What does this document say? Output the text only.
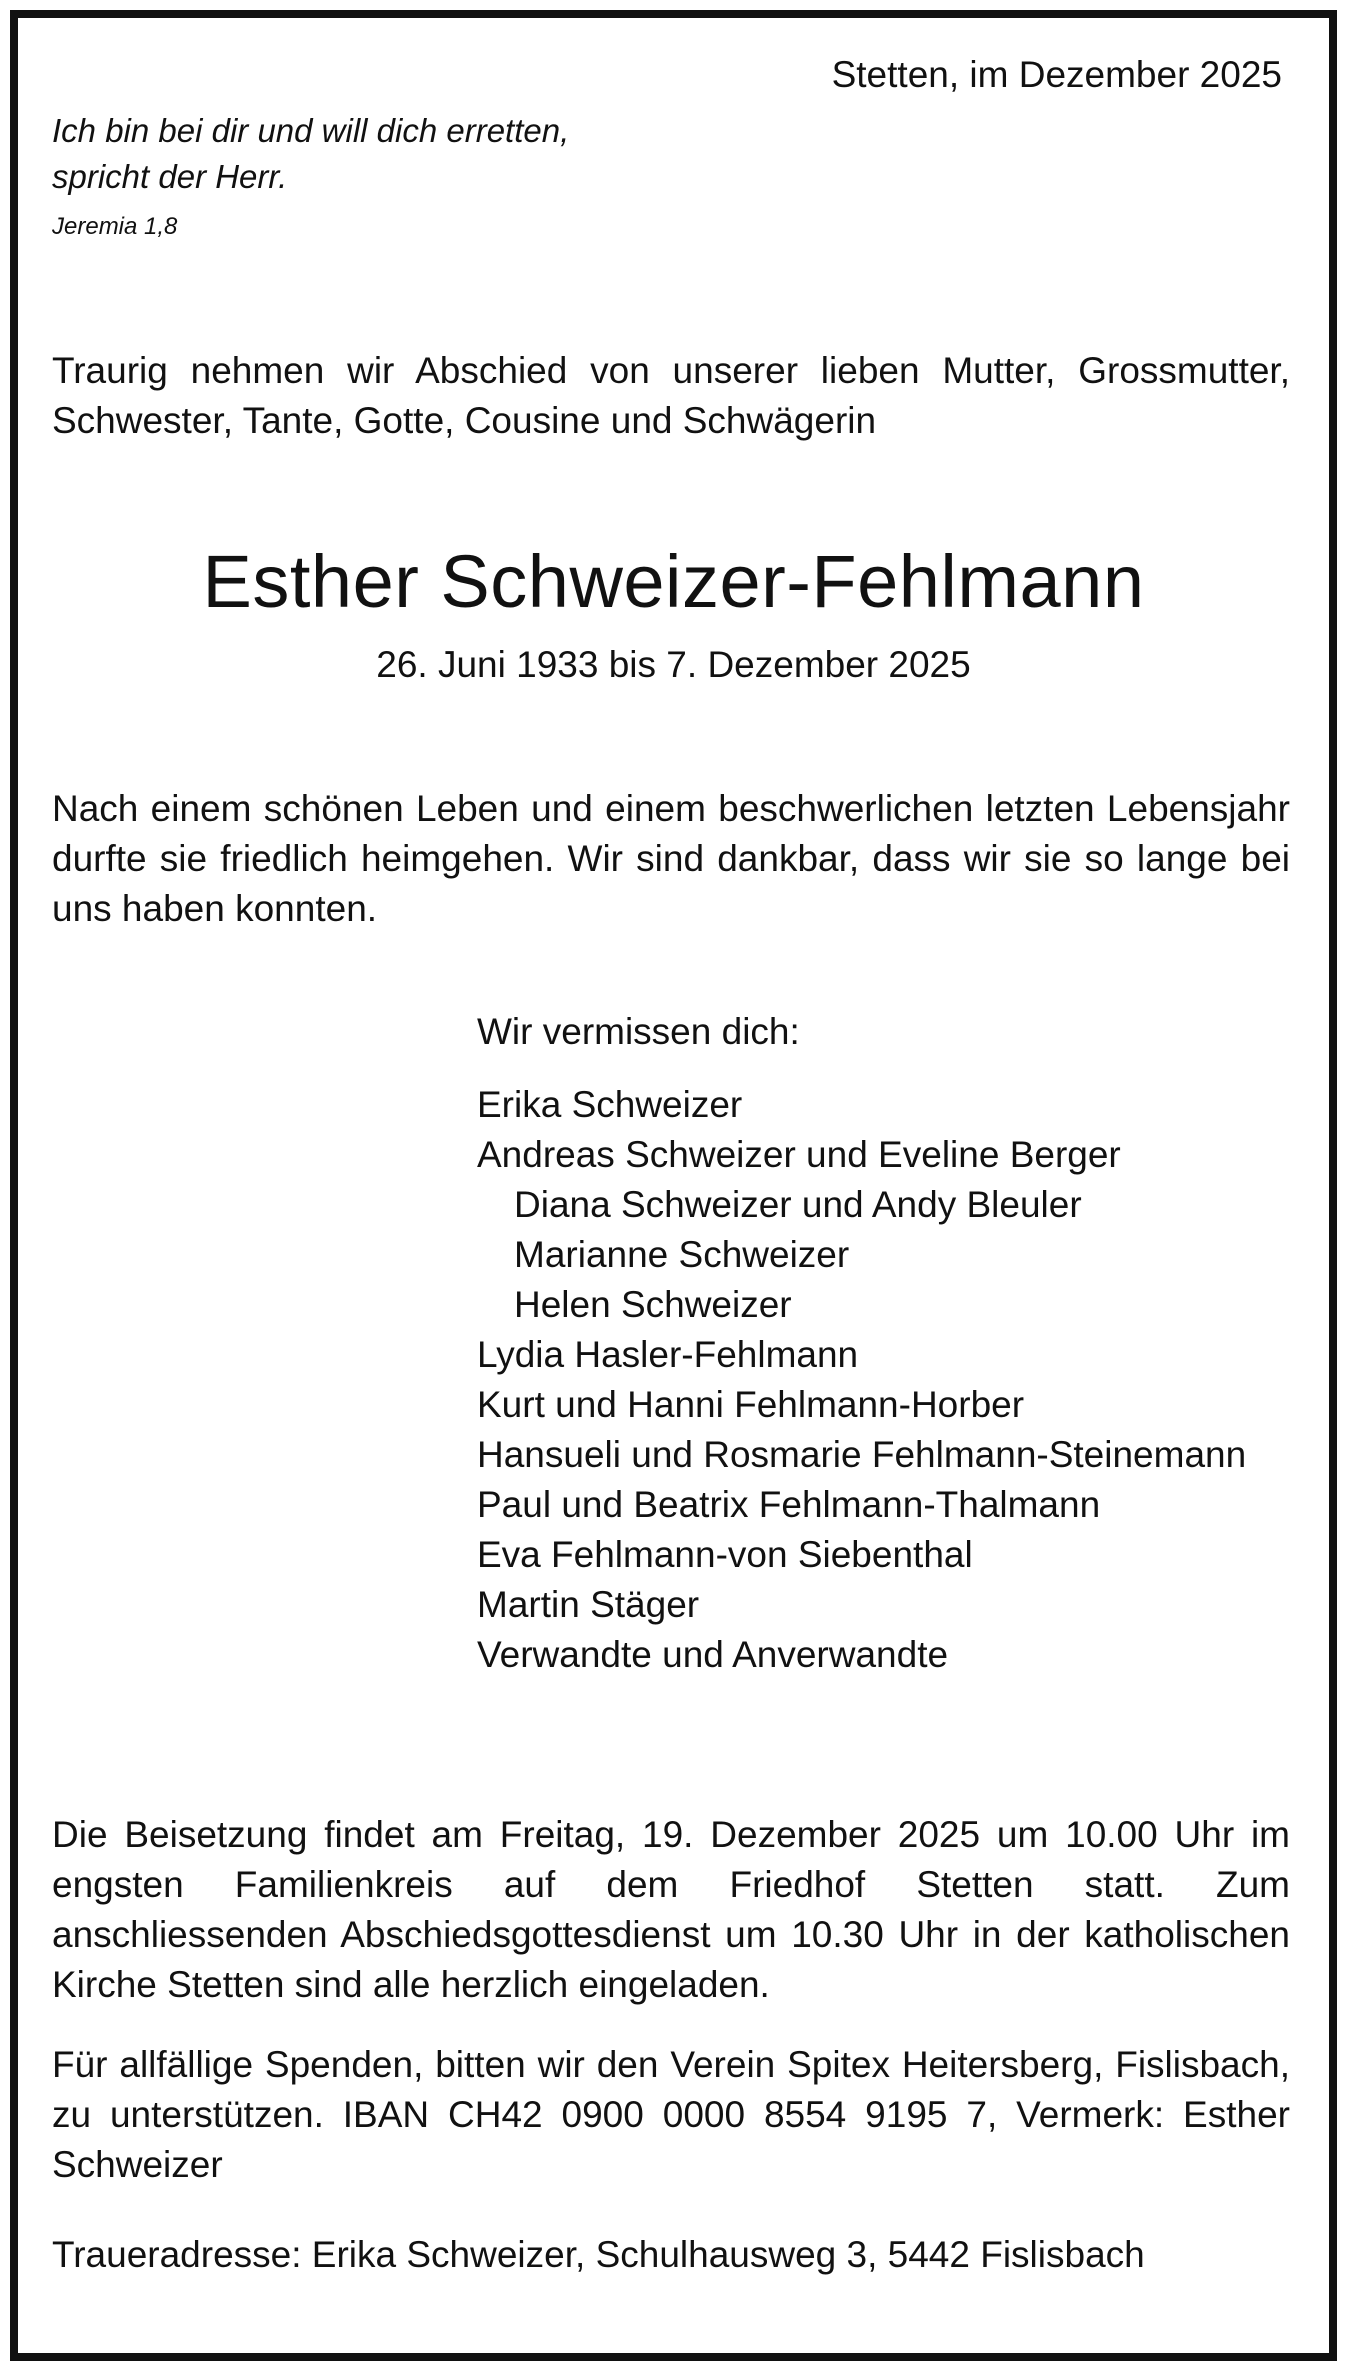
Stetten, im Dezember 2025
Ich bin bei dir und will dich erretten,
spricht der Herr.
Jeremia 1,8
Traurig nehmen wir Abschied von unserer lieben Mutter, Grossmutter, Schwester, Tante, Gotte, Cousine und Schwägerin
Esther Schweizer-Fehlmann
26. Juni 1933 bis 7. Dezember 2025
Nach einem schönen Leben und einem beschwerlichen letzten Lebensjahr durfte sie friedlich heimgehen. Wir sind dankbar, dass wir sie so lange bei uns haben konnten.
Wir vermissen dich:
Erika Schweizer
Andreas Schweizer und Eveline Berger
Diana Schweizer und Andy Bleuler
Marianne Schweizer
Helen Schweizer
Lydia Hasler-Fehlmann
Kurt und Hanni Fehlmann-Horber
Hansueli und Rosmarie Fehlmann-Steinemann
Paul und Beatrix Fehlmann-Thalmann
Eva Fehlmann-von Siebenthal
Martin Stäger
Verwandte und Anverwandte
Die Beisetzung findet am Freitag, 19. Dezember 2025 um 10.00 Uhr im engsten Familienkreis auf dem Friedhof Stetten statt. Zum anschliessenden Abschiedsgottesdienst um 10.30 Uhr in der katholischen Kirche Stetten sind alle herzlich eingeladen.
Für allfällige Spenden, bitten wir den Verein Spitex Heitersberg, Fislisbach, zu unterstützen. IBAN CH42 0900 0000 8554 9195 7, Vermerk: Esther Schweizer
Traueradresse: Erika Schweizer, Schulhausweg 3, 5442 Fislisbach
